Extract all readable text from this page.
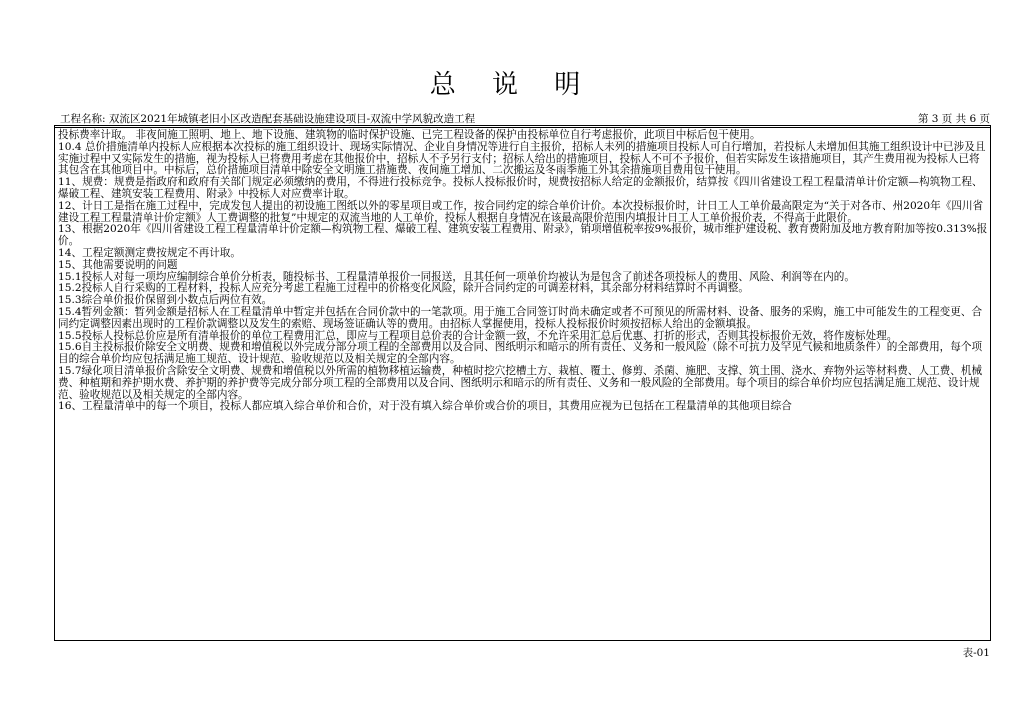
总 说 明
工程名称: 双流区2021年城镇老旧小区改造配套基础设施建设项目-双流中学风貌改造工程	第 3 页 共 6 页

投标费率计取。 非夜间施工照明、地上、地下设施、建筑物的临时保护设施、已完工程设备的保护由投标单位自行考虑报价，此项目中标后包干使用。

10.4 总价措施清单内投标人应根据本次投标的施工组织设计、现场实际情况、企业自身情况等进行自主报价，招标人未列的措施项目投标人可自行增加，若投标人未增加但其施工组织设计中已涉及且实施过程中又实际发生的措施，视为投标人已将费用考虑在其他报价中，招标人不予另行支付；招标人给出的措施项目，投标人不可不予报价，但若实际发生该措施项目，其产生费用视为投标人已将其包含在其他项目中。中标后，总价措施项目清单中除安全文明施工措施费、夜间施工增加、二次搬运及冬雨季施工外其余措施项目费用包干使用。

11、规费：规费是指政府和政府有关部门规定必须缴纳的费用，不得进行投标竞争。投标人投标报价时，规费按招标人给定的金额报价，结算按《四川省建设工程工程量清单计价定额—构筑物工程、爆破工程、建筑安装工程费用、附录》中投标人对应费率计取。

12、计日工是指在施工过程中，完成发包人提出的初设施工图纸以外的零星项目或工作，按合同约定的综合单价计价。本次投标报价时，计日工人工单价最高限定为“关于对各市、州2020年《四川省建设工程工程量清单计价定额》人工费调整的批复”中规定的双流当地的人工单价，投标人根据自身情况在该最高限价范围内填报计日工人工单价报价表，不得高于此限价。

13、根据2020年《四川省建设工程工程量清单计价定额—构筑物工程、爆破工程、建筑安装工程费用、附录》，销项增值税率按9%报价，城市维护建设税、教育费附加及地方教育附加等按0.313%报价。

14、工程定额测定费按规定不再计取。

15、其他需要说明的问题

15.1投标人对每一项均应编制综合单价分析表，随投标书、工程量清单报价一同报送，且其任何一项单价均被认为是包含了前述各项投标人的费用、风险、利润等在内的。

15.2投标人自行采购的工程材料，投标人应充分考虑工程施工过程中的价格变化风险，除开合同约定的可调差材料，其余部分材料结算时不再调整。

15.3综合单价报价保留到小数点后两位有效。

15.4暂列金额：暂列金额是招标人在工程量清单中暂定并包括在合同价款中的一笔款项。用于施工合同签订时尚未确定或者不可预见的所需材料、设备、服务的采购，施工中可能发生的工程变更、合同约定调整因素出现时的工程价款调整以及发生的索赔、现场签证确认等的费用。由招标人掌握使用，投标人投标报价时须按招标人给出的金额填报。

15.5投标人投标总价应是所有清单报价的单位工程费用汇总，即应与工程项目总价表的合计金额一致，不允许采用汇总后优惠、打折的形式，否则其投标报价无效，将作废标处理。

15.6自主投标报价除安全文明费、规费和增值税以外完成分部分项工程的全部费用以及合同、图纸明示和暗示的所有责任、义务和一般风险（除不可抗力及罕见气候和地质条件）的全部费用，每个项目的综合单价均应包括满足施工规范、设计规范、验收规范以及相关规定的全部内容。

15.7绿化项目清单报价含除安全文明费、规费和增值税以外所需的植物移植运输费，种植时挖穴挖槽土方、栽植、覆土、修剪、杀菌、施肥、支撑、筑土围、浇水、弃物外运等材料费、人工费、机械费、种植期和养护期水费、养护期的养护费等完成分部分项工程的全部费用以及合同、图纸明示和暗示的所有责任、义务和一般风险的全部费用。每个项目的综合单价均应包括满足施工规范、设计规范、验收规范以及相关规定的全部内容。

16、工程量清单中的每一个项目，投标人都应填入综合单价和合价，对于没有填入综合单价或合价的项目，其费用应视为已包括在工程量清单的其他项目综合

表-01
